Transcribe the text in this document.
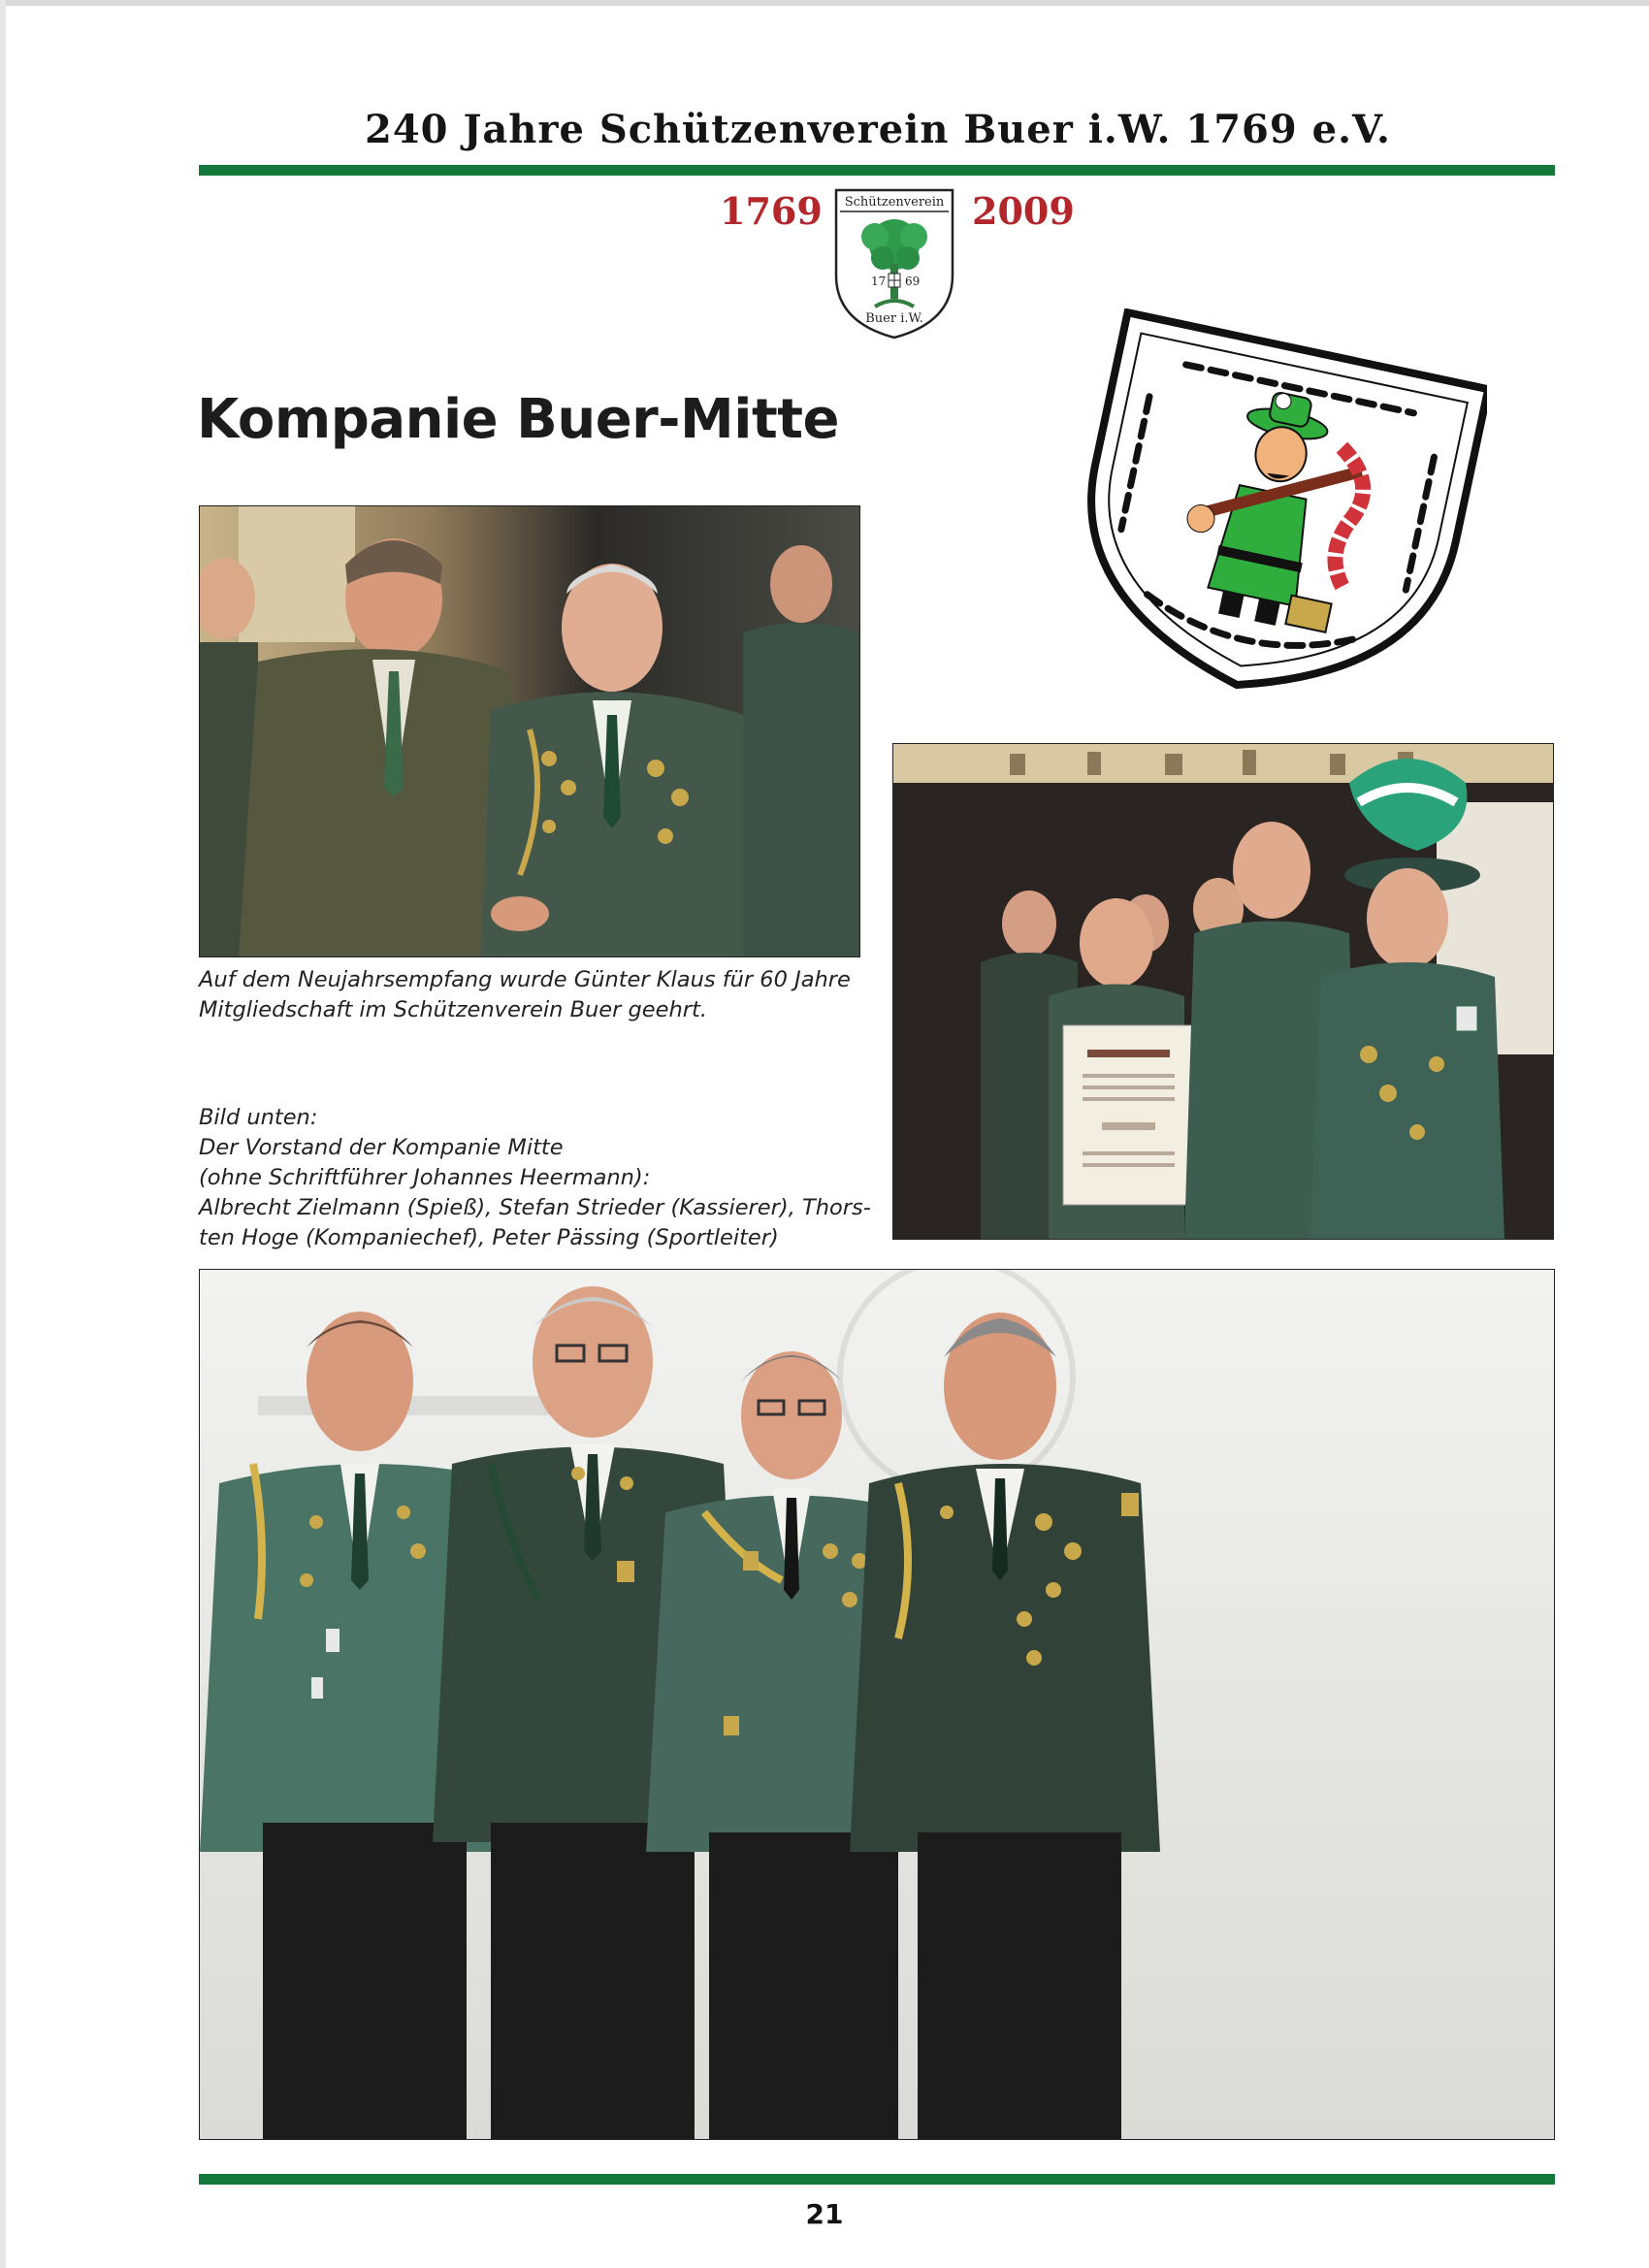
240 Jahre Schützenverein Buer i.W. 1769 e.V.
1769	2009
Schützenverein
17 69
Buer i.W.
Kompanie Buer-Mitte

Auf dem Neujahrsempfang wurde Günter Klaus für 60 Jahre

Mitgliedschaft im Schützenverein Buer geehrt.

Bild unten:

Der Vorstand der Kompanie Mitte

(ohne Schriftführer Johannes Heermann):

Albrecht Zielmann (Spieß), Stefan Strieder (Kassierer), Thors-

ten Hoge (Kompaniechef), Peter Pässing (Sportleiter)

21
